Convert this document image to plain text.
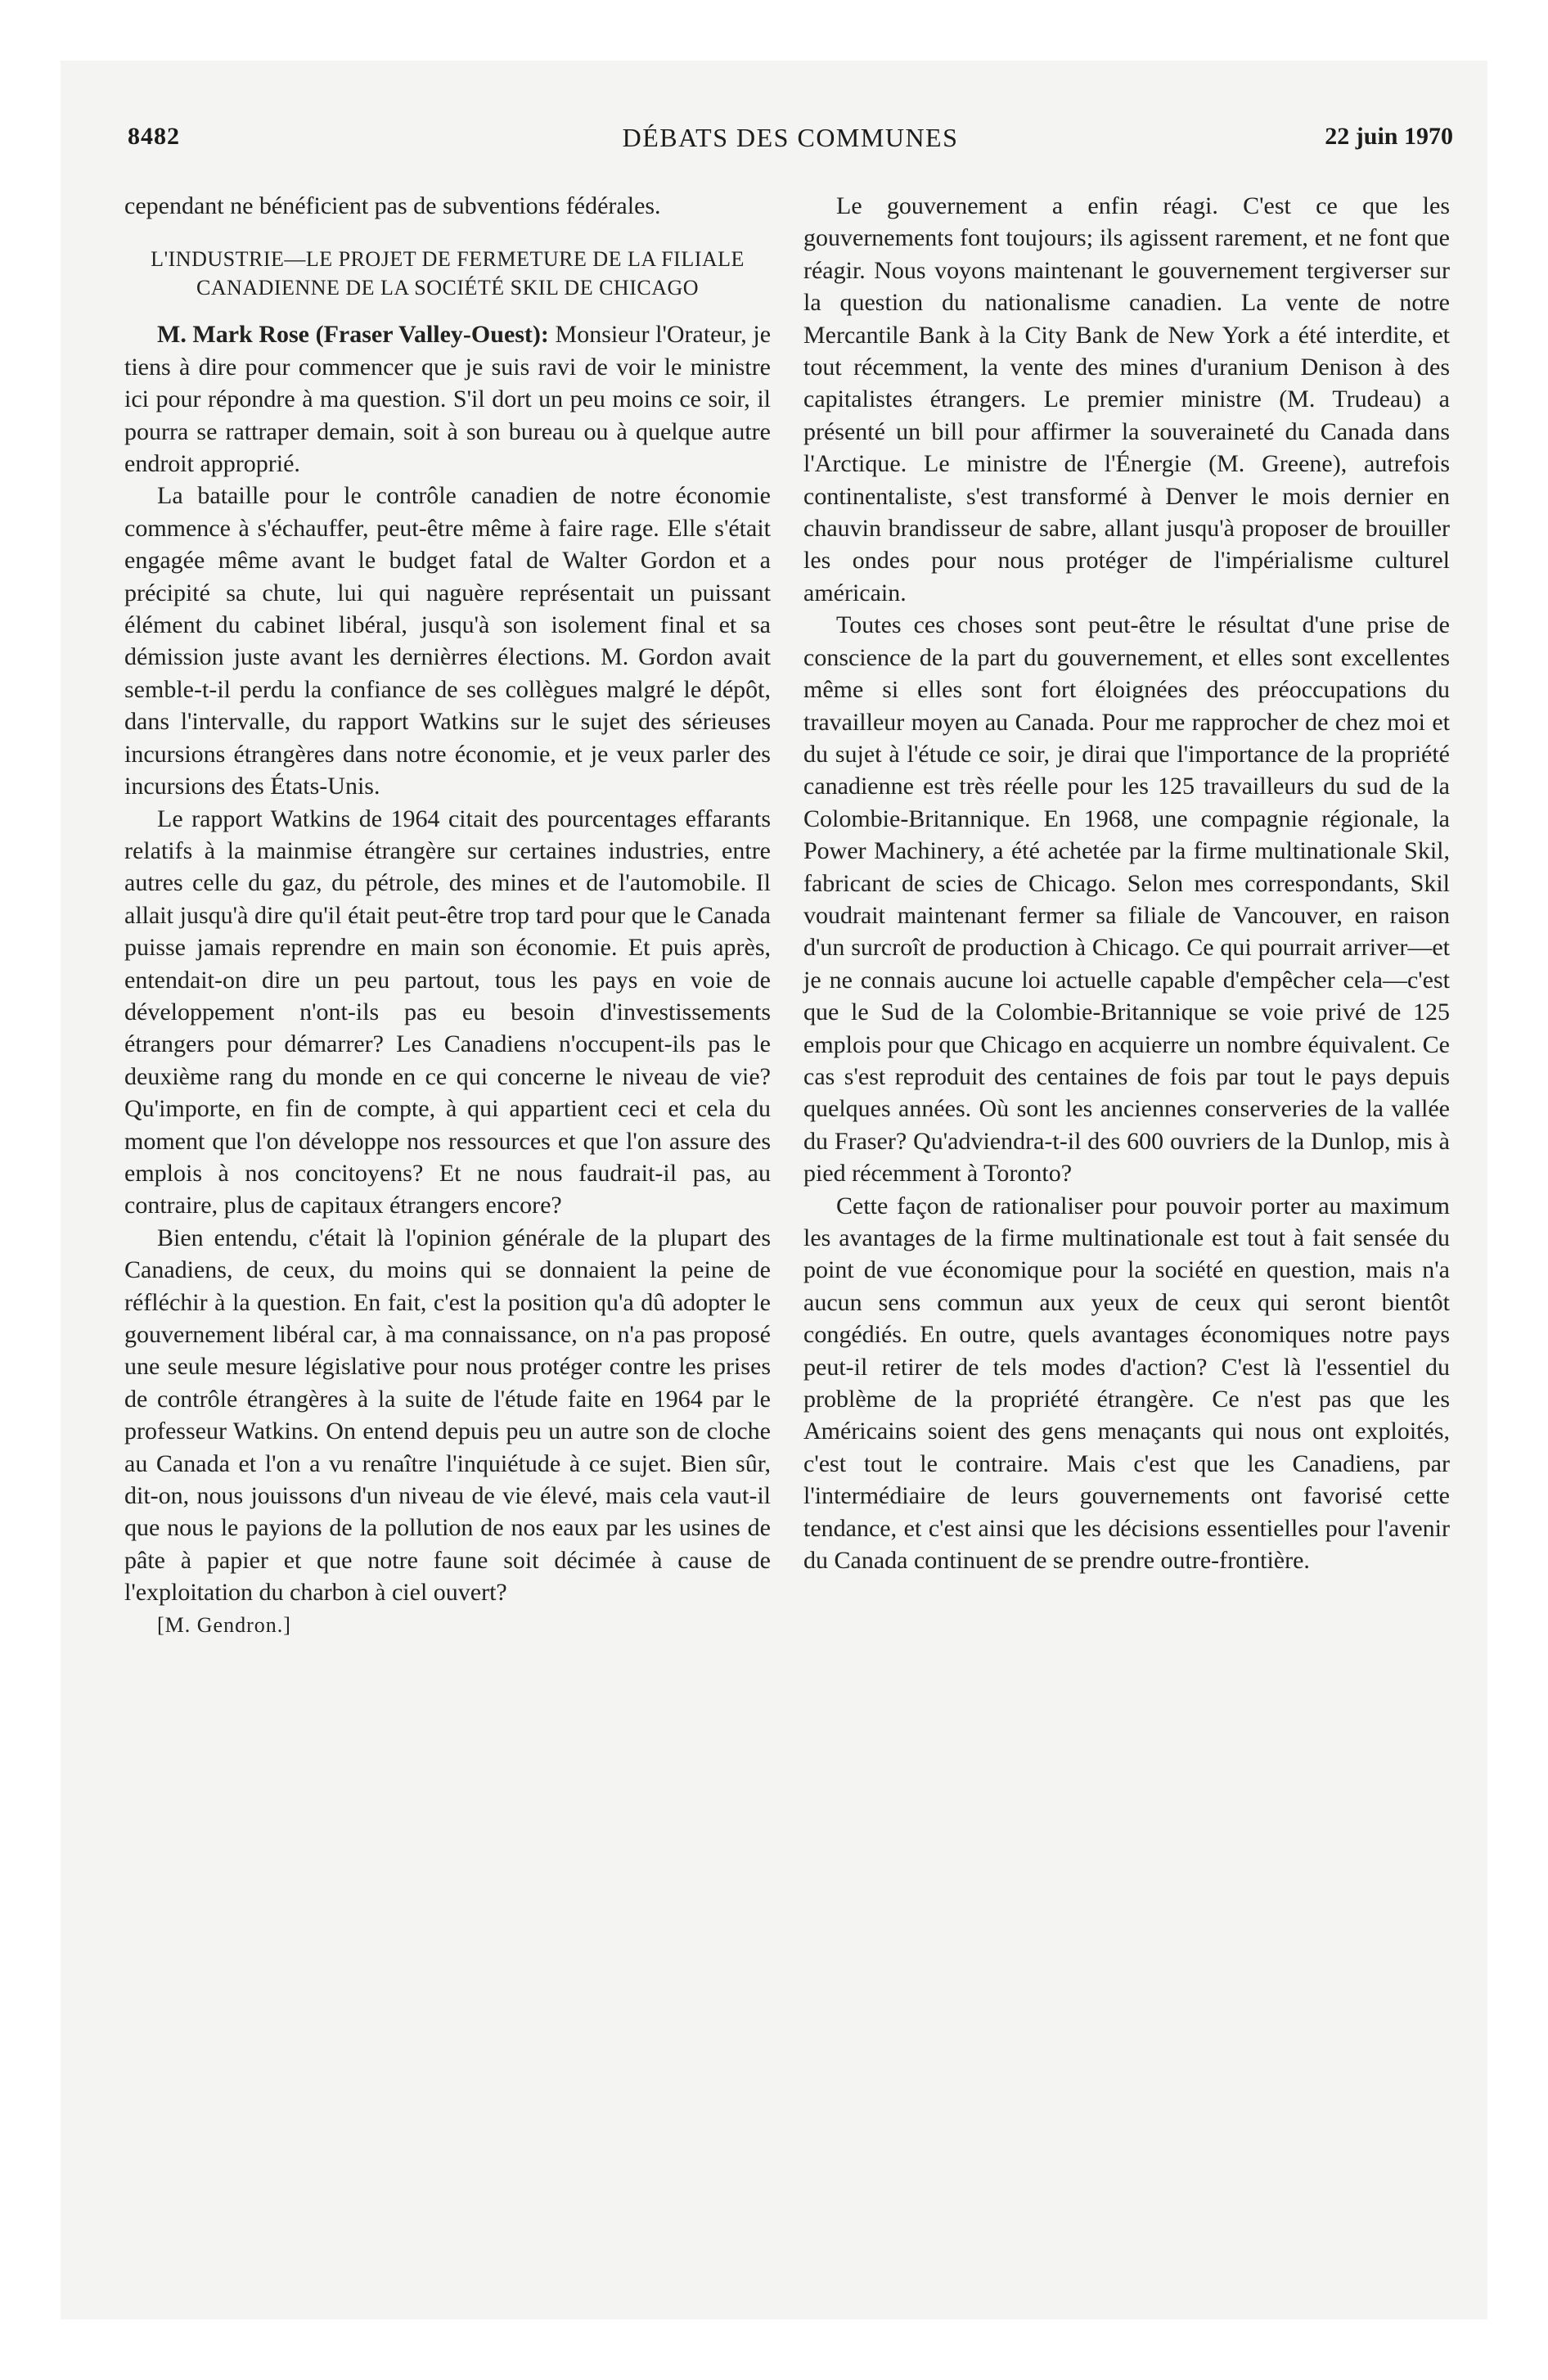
8482	DÉBATS DES COMMUNES	22 juin 1970

cependant ne bénéficient pas de subventions fédérales.

L'INDUSTRIE—LE PROJET DE FERMETURE DE LA FILIALE CANADIENNE DE LA SOCIÉTÉ SKIL DE CHICAGO

M. Mark Rose (Fraser Valley-Ouest): Monsieur l'Orateur, je tiens à dire pour commencer que je suis ravi de voir le ministre ici pour répondre à ma question. S'il dort un peu moins ce soir, il pourra se rattraper demain, soit à son bureau ou à quelque autre endroit approprié.

La bataille pour le contrôle canadien de notre économie commence à s'échauffer, peut-être même à faire rage. Elle s'était engagée même avant le budget fatal de Walter Gordon et a précipité sa chute, lui qui naguère représentait un puissant élément du cabinet libéral, jusqu'à son isolement final et sa démission juste avant les dernièrres élections. M. Gordon avait semble-t-il perdu la confiance de ses collègues malgré le dépôt, dans l'intervalle, du rapport Watkins sur le sujet des sérieuses incursions étrangères dans notre économie, et je veux parler des incursions des États-Unis.

Le rapport Watkins de 1964 citait des pourcentages effarants relatifs à la mainmise étrangère sur certaines industries, entre autres celle du gaz, du pétrole, des mines et de l'automobile. Il allait jusqu'à dire qu'il était peut-être trop tard pour que le Canada puisse jamais reprendre en main son économie. Et puis après, entendait-on dire un peu partout, tous les pays en voie de développement n'ont-ils pas eu besoin d'investissements étrangers pour démarrer? Les Canadiens n'occupent-ils pas le deuxième rang du monde en ce qui concerne le niveau de vie? Qu'importe, en fin de compte, à qui appartient ceci et cela du moment que l'on développe nos ressources et que l'on assure des emplois à nos concitoyens? Et ne nous faudrait-il pas, au contraire, plus de capitaux étrangers encore?

Bien entendu, c'était là l'opinion générale de la plupart des Canadiens, de ceux, du moins qui se donnaient la peine de réfléchir à la question. En fait, c'est la position qu'a dû adopter le gouvernement libéral car, à ma connaissance, on n'a pas proposé une seule mesure législative pour nous protéger contre les prises de contrôle étrangères à la suite de l'étude faite en 1964 par le professeur Watkins. On entend depuis peu un autre son de cloche au Canada et l'on a vu renaître l'inquiétude à ce sujet. Bien sûr, dit-on, nous jouissons d'un niveau de vie élevé, mais cela vaut-il que nous le payions de la pollution de nos eaux par les usines de pâte à papier et que notre faune soit décimée à cause de l'exploitation du charbon à ciel ouvert?

[M. Gendron.]

Le gouvernement a enfin réagi. C'est ce que les gouvernements font toujours; ils agissent rarement, et ne font que réagir. Nous voyons maintenant le gouvernement tergiverser sur la question du nationalisme canadien. La vente de notre Mercantile Bank à la City Bank de New York a été interdite, et tout récemment, la vente des mines d'uranium Denison à des capitalistes étrangers. Le premier ministre (M. Trudeau) a présenté un bill pour affirmer la souveraineté du Canada dans l'Arctique. Le ministre de l'Énergie (M. Greene), autrefois continentaliste, s'est transformé à Denver le mois dernier en chauvin brandisseur de sabre, allant jusqu'à proposer de brouiller les ondes pour nous protéger de l'impérialisme culturel américain.

Toutes ces choses sont peut-être le résultat d'une prise de conscience de la part du gouvernement, et elles sont excellentes même si elles sont fort éloignées des préoccupations du travailleur moyen au Canada. Pour me rapprocher de chez moi et du sujet à l'étude ce soir, je dirai que l'importance de la propriété canadienne est très réelle pour les 125 travailleurs du sud de la Colombie-Britannique. En 1968, une compagnie régionale, la Power Machinery, a été achetée par la firme multinationale Skil, fabricant de scies de Chicago. Selon mes correspondants, Skil voudrait maintenant fermer sa filiale de Vancouver, en raison d'un surcroît de production à Chicago. Ce qui pourrait arriver—et je ne connais aucune loi actuelle capable d'empêcher cela—c'est que le Sud de la Colombie-Britannique se voie privé de 125 emplois pour que Chicago en acquierre un nombre équivalent. Ce cas s'est reproduit des centaines de fois par tout le pays depuis quelques années. Où sont les anciennes conserveries de la vallée du Fraser? Qu'adviendra-t-il des 600 ouvriers de la Dunlop, mis à pied récemment à Toronto?

Cette façon de rationaliser pour pouvoir porter au maximum les avantages de la firme multinationale est tout à fait sensée du point de vue économique pour la société en question, mais n'a aucun sens commun aux yeux de ceux qui seront bientôt congédiés. En outre, quels avantages économiques notre pays peut-il retirer de tels modes d'action? C'est là l'essentiel du problème de la propriété étrangère. Ce n'est pas que les Américains soient des gens menaçants qui nous ont exploités, c'est tout le contraire. Mais c'est que les Canadiens, par l'intermédiaire de leurs gouvernements ont favorisé cette tendance, et c'est ainsi que les décisions essentielles pour l'avenir du Canada continuent de se prendre outre-frontière.
